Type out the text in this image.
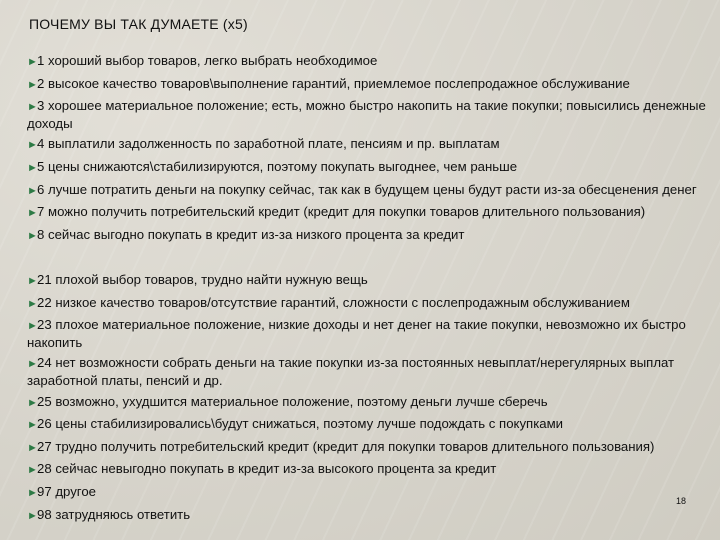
ПОЧЕМУ ВЫ ТАК ДУМАЕТЕ (х5)
►1 хороший выбор товаров, легко выбрать необходимое
►2 высокое качество товаров\выполнение гарантий, приемлемое послепродажное обслуживание
►3 хорошее материальное положение; есть, можно быстро накопить на такие покупки; повысились денежные доходы
►4 выплатили задолженность по заработной плате, пенсиям и пр. выплатам
►5 цены снижаются\стабилизируются, поэтому покупать выгоднее, чем раньше
►6 лучше потратить деньги на покупку сейчас, так как в будущем цены будут расти из-за обесценения денег
►7 можно получить потребительский кредит (кредит для покупки товаров длительного пользования)
►8 сейчас выгодно покупать в кредит из-за низкого процента за кредит
►21 плохой выбор товаров, трудно найти нужную вещь
►22 низкое качество товаров/отсутствие гарантий, сложности с послепродажным обслуживанием
►23 плохое материальное положение, низкие доходы и нет денег на такие покупки, невозможно их быстро накопить
►24 нет возможности собрать деньги на такие покупки из-за постоянных невыплат/нерегулярных выплат заработной платы, пенсий и др.
►25 возможно, ухудшится материальное положение, поэтому деньги лучше сберечь
►26 цены стабилизировались\будут снижаться, поэтому лучше подождать с покупками
►27 трудно получить потребительский кредит (кредит для покупки товаров длительного пользования)
►28 сейчас невыгодно покупать в кредит из-за высокого процента за кредит
►97 другое
►98 затрудняюсь ответить
18
